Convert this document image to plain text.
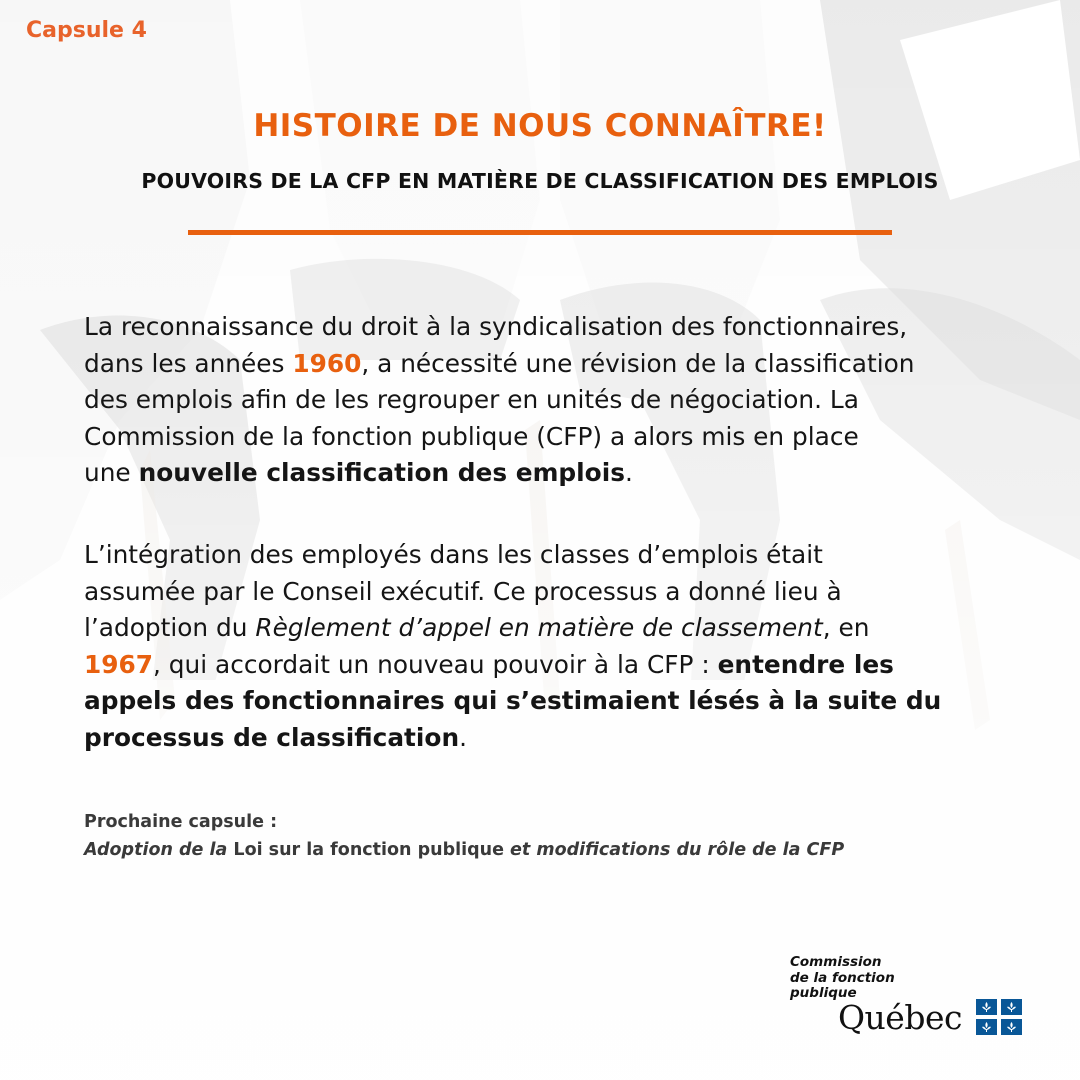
Capsule 4
HISTOIRE DE NOUS CONNAÎTRE!
POUVOIRS DE LA CFP EN MATIÈRE DE CLASSIFICATION DES EMPLOIS
La reconnaissance du droit à la syndicalisation des fonctionnaires,
dans les années 1960, a nécessité une révision de la classification
des emplois afin de les regrouper en unités de négociation. La
Commission de la fonction publique (CFP) a alors mis en place
une nouvelle classification des emplois.
L’intégration des employés dans les classes d’emplois était
assumée par le Conseil exécutif. Ce processus a donné lieu à
l’adoption du Règlement d’appel en matière de classement, en
1967, qui accordait un nouveau pouvoir à la CFP : entendre les
appels des fonctionnaires qui s’estimaient lésés à la suite du
processus de classification.
Prochaine capsule :
Adoption de la Loi sur la fonction publique et modifications du rôle de la CFP
Commission
de la fonction
publique
Québec
